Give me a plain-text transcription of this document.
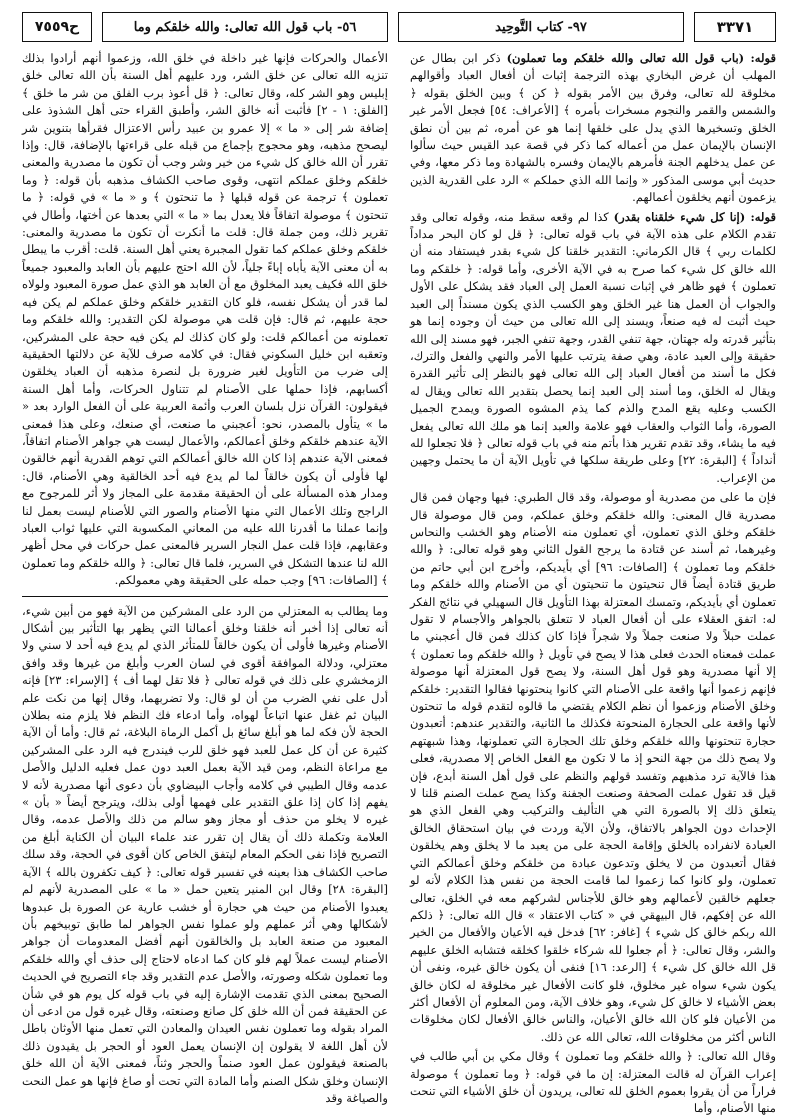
٣٣٧١
٩٧- كتاب التَّوحِيد
٥٦- باب قول الله تعالى: والله خلقكم وما
ح٧٥٥٩

قوله: (باب قول الله تعالى والله خلقكم وما تعملون) ذكر ابن بطال عن المهلب أن غرض البخاري بهذه الترجمة إثبات أن أفعال العباد وأقوالهم مخلوقة لله تعالى، وفرق بين الأمر بقوله ﴿ كن ﴾ وبين الخلق بقوله ﴿ والشمس والقمر والنجوم مسخرات بأمره ﴾ [الأعراف: ٥٤] فجعل الأمر غير الخلق وتسخيرها الذي يدل على خلقها إنما هو عن أمره، ثم بين أن نطق الإنسان بالإيمان عمل من أعماله كما ذكر في قصة عبد القيس حيث سألوا عن عمل يدخلهم الجنة فأمرهم بالإيمان وفسره بالشهادة وما ذكر معها، وفي حديث أبي موسى المذكور « وإنما الله الذي حملكم » الرد على القدرية الذين يزعمون أنهم يخلقون أعمالهم.

قوله: (إنا كل شيء خلقناه بقدر) كذا لم وقعه سقط منه، وقوله تعالى وقد تقدم الكلام على هذه الآية في باب قوله تعالى: ﴿ قل لو كان البحر مداداً لكلمات ربي ﴾ قال الكرماني: التقدير خلقنا كل شيء بقدر فيستفاد منه أن الله خالق كل شيء كما صرح به في الآية الأخرى، وأما قوله: ﴿ خلقكم وما تعملون ﴾ فهو ظاهر في إثبات نسبة العمل إلى العباد فقد يشكل على الأول والجواب أن العمل هنا غير الخلق وهو الكسب الذي يكون مسنداً إلى العبد حيث أثبت له فيه صنعاً، ويسند إلى الله تعالى من حيث أن وجوده إنما هو بتأثير قدرته وله جهتان، جهة تنفي القدر، وجهة تنفي الجبر، فهو مسند إلى الله حقيقة وإلى العبد عادة، وهي صفة يترتب عليها الأمر والنهي والفعل والترك، فكل ما أسند من أفعال العباد إلى الله تعالى فهو بالنظر إلى تأثير القدرة ويقال له الخلق، وما أسند إلى العبد إنما يحصل بتقدير الله تعالى ويقال له الكسب وعليه يقع المدح والذم كما يذم المشوه الصورة ويمدح الجميل الصورة، وأما الثواب والعقاب فهو علامة والعبد إنما هو ملك الله تعالى يفعل فيه ما يشاء، وقد تقدم تقرير هذا بأتم منه في باب قوله تعالى ﴿ فلا تجعلوا لله أنداداً ﴾ [البقرة: ٢٢] وعلى طريقة سلكها في تأويل الآية أن ما يحتمل وجهين من الإعراب.

فإن ما على من مصدرية أو موصولة، وقد قال الطبري: فيها وجهان فمن قال مصدرية قال المعنى: والله خلقكم وخلق عملكم، ومن قال موصولة قال خلقكم وخلق الذي تعملون، أي تعملون منه الأصنام وهو الخشب والنحاس وغيرهما، ثم أسند عن قتادة ما يرجح القول الثاني وهو قوله تعالى: ﴿ والله خلقكم وما تعملون ﴾ [الصافات: ٩٦] أي بأيديكم، وأخرج ابن أبي حاتم من طريق قتادة أيضاً قال تنحيتون ما تنحيتون أي من الأصنام والله خلقكم وما تعملون أي بأيديكم، وتمسك المعتزلة بهذا التأويل قال السهيلي في نتائج الفكر له: اتفق العقلاء على أن أفعال العباد لا تتعلق بالجواهر والأجسام لا تقول عملت حبلاً ولا صنعت جملاً ولا شجراً فإذا كان كذلك فمن قال أعجبني ما عملت فمعناه الحدث فعلى هذا لا يصح في تأويل ﴿ والله خلقكم وما تعملون ﴾ إلا أنها مصدرية وهو قول أهل السنة، ولا يصح قول المعتزلة أنها موصولة فإنهم زعموا أنها واقعة على الأصنام التي كانوا ينحتونها فقالوا التقدير: خلقكم وخلق الأصنام وزعموا أن نظم الكلام يقتضي ما قالوه لتقدم قوله ما تنحتون لأنها واقعة على الحجارة المنحوتة فكذلك ما الثانية، والتقدير عندهم: أتعبدون حجارة تنحتونها والله خلقكم وخلق تلك الحجارة التي تعملونها، وهذا شبهتهم ولا يصح ذلك من جهة النحو إذ ما لا تكون مع الفعل الخاص إلا مصدرية، فعلى هذا فالآية ترد مذهبهم وتفسد قولهم والنظم على قول أهل السنة أبدع، فإن قيل قد تقول عملت الصحفة وصنعت الجفنة وكذا يصح عملت الصنم قلنا لا يتعلق ذلك إلا بالصورة التي هي التأليف والتركيب وهي الفعل الذي هو الإحداث دون الجواهر بالاتفاق، ولأن الآية وردت في بيان استحقاق الخالق العبادة لانفراده بالخلق وإقامة الحجة على من يعبد ما لا يخلق وهم يخلقون فقال أتعبدون من لا يخلق وتدعون عبادة من خلقكم وخلق أعمالكم التي تعملون، ولو كانوا كما زعموا لما قامت الحجة من نفس هذا الكلام لأنه لو جعلهم خالقين لأعمالهم وهو خالق للأجناس لشركهم معه في الخلق، تعالى الله عن إفكهم، قال البيهقي في « كتاب الاعتقاد » قال الله تعالى: ﴿ ذلكم الله ربكم خالق كل شيء ﴾ [غافر: ٦٢] فدخل فيه الأعيان والأفعال من الخير والشر، وقال تعالى: ﴿ أم جعلوا لله شركاء خلقوا كخلقه فتشابه الخلق عليهم قل الله خالق كل شيء ﴾ [الرعد: ١٦] فنفى أن يكون خالق غيره، ونفى أن يكون شيء سواه غير مخلوق، فلو كانت الأفعال غير مخلوقة له لكان خالق بعض الأشياء لا خالق كل شيء، وهو خلاف الآية، ومن المعلوم أن الأفعال أكثر من الأعيان فلو كان الله خالق الأعيان، والناس خالق الأفعال لكان مخلوقات الناس أكثر من مخلوقات الله، تعالى الله عن ذلك.

وقال الله تعالى: ﴿ والله خلقكم وما تعملون ﴾ وقال مكي بن أبي طالب في إعراب القرآن له قالت المعتزلة: إن ما في قوله: ﴿ وما تعملون ﴾ موصولة فراراً من أن يقروا بعموم الخلق لله تعالى، يريدون أن خلق الأشياء التي تنحت منها الأصنام، وأما

الأعمال والحركات فإنها غير داخلة في خلق الله، وزعموا أنهم أرادوا بذلك تنزيه الله تعالى عن خلق الشر، ورد عليهم أهل السنة بأن الله تعالى خلق إبليس وهو الشر كله، وقال تعالى: ﴿ قل أعوذ برب الفلق من شر ما خلق ﴾ [الفلق: ١ - ٢] فأثبت أنه خالق الشر، وأطبق القراء حتى أهل الشذوذ على إضافة شر إلى « ما » إلا عمرو بن عبيد رأس الاعتزال فقرأها بتنوين شر ليصحح مذهبه، وهو محجوج بإجماع من قبله على قراءتها بالإضافة، قال: وإذا تقرر أن الله خالق كل شيء من خير وشر وجب أن تكون ما مصدرية والمعنى خلقكم وخلق عملكم انتهى، وقوى صاحب الكشاف مذهبه بأن قوله: ﴿ وما تعملون ﴾ ترجمة عن قوله قبلها ﴿ ما تنحتون ﴾ و « ما » في قوله: ﴿ ما تنحتون ﴾ موصولة اتفاقاً فلا يعدل بما « ما » التي بعدها عن أختها، وأطال في تقرير ذلك، ومن جملة قال: قلت ما أنكرت أن تكون ما مصدرية والمعنى: خلقكم وخلق عملكم كما تقول المجبرة يعني أهل السنة. قلت: أقرب ما يبطل به أن معنى الآية يأباه إباءً جلياً، لأن الله احتج عليهم بأن العابد والمعبود جميعاً خلق الله فكيف يعبد المخلوق مع أن العابد هو الذي عمل صورة المعبود ولولاه لما قدر أن يشكل نفسه، فلو كان التقدير خلقكم وخلق عملكم لم يكن فيه حجة عليهم، ثم قال: فإن قلت هي موصولة لكن التقدير: والله خلقكم وما تعملونه من أعمالكم قلت: ولو كان كذلك لم يكن فيه حجة على المشركين، وتعقبه ابن خليل السكوني فقال: في كلامه صرف للآية عن دلالتها الحقيقية إلى ضرب من التأويل لغير ضرورة بل لنصرة مذهبه أن العباد يخلقون أكسابهم، فإذا حملها على الأصنام لم تتناول الحركات، وأما أهل السنة فيقولون: القرآن نزل بلسان العرب وأئمة العربية على أن الفعل الوارد بعد « ما » يتأول بالمصدر، نحو: أعجبني ما صنعت، أي صنعك، وعلى هذا فمعنى الآية عندهم خلقكم وخلق أعمالكم، والأعمال ليست هي جواهر الأصنام اتفاقاً، فمعنى الآية عندهم إذا كان الله خالق أعمالكم التي توهم القدرية أنهم خالقون لها فأولى أن يكون خالقاً لما لم يدع فيه أحد الخالقية وهي الأصنام، قال: ومدار هذه المسألة على أن الحقيقة مقدمة على المجاز ولا أثر للمرجوح مع الراجح وتلك الأعمال التي منها الأصنام والصور التي للأصنام ليست بعمل لنا وإنما عملنا ما أقدرنا الله عليه من المعاني المكسوبة التي عليها ثواب العباد وعقابهم، فإذا قلت عمل النجار السرير فالمعنى عمل حركات في محل أظهر الله لنا عندها التشكل في السرير، فلما قال تعالى: ﴿ والله خلقكم وما تعملون ﴾ [الصافات: ٩٦] وجب حمله على الحقيقة وهي معمولكم.

وما يطالب به المعتزلي من الرد على المشركين من الآية فهو من أبين شيء، أنه تعالى إذا أخبر أنه خلقنا وخلق أعمالنا التي يظهر بها التأثير بين أشكال الأصنام وغيرها فأولى أن يكون خالقاً للمتأثر الذي لم يدع فيه أحد لا سني ولا معتزلي، ودلالة الموافقة أقوى في لسان العرب وأبلغ من غيرها وقد وافق الزمخشري على ذلك في قوله تعالى ﴿ فلا تقل لهما أف ﴾ [الإسراء: ٢٣] فإنه أدل على نفي الضرب من أن لو قال: ولا تضربهما، وقال إنها من نكت علم البيان ثم غفل عنها اتباعاً لهواه، وأما ادعاء فك النظم فلا يلزم منه بطلان الحجة لأن فكه لما هو أبلغ سائغ بل أكمل الرماة البلاغة، ثم قال: وأما أن الآية كثيرة عن أن كل عمل للعبد فهو خلق للرب فيندرج فيه الرد على المشركين مع مراعاة النظم، ومن قيد الآية بعمل العبد دون عمل فعليه الدليل والأصل عدمه وقال الطيبي في كلامه وأجاب البيضاوي بأن دعوى أنها مصدرية لأنه لا يفهم إذا كان إذا علق التقدير على فهمها أولى بذلك، ويترجح أيضاً « بأن » غيره لا يخلو من حذف أو مجاز وهو سالم من ذلك والأصل عدمه، وقال العلامة وتكملة ذلك أن يقال إن تقرر عند علماء البيان أن الكناية أبلغ من التصريح فإذا نفى الحكم المعام ليتفق الخاص كان أقوى في الحجة، وقد سلك صاحب الكشاف هذا بعينه في تفسير قوله تعالى: ﴿ كيف تكفرون بالله ﴾ الآية [البقرة: ٢٨] وقال ابن المنير يتعين حمل « ما » على المصدرية لأنهم لم يعبدوا الأصنام من حيث هي حجارة أو خشب عارية عن الصورة بل عبدوها لأشكالها وهي أثر عملهم ولو عملوا نفس الجواهر لما طابق توبيخهم بأن المعبود من صنعة العابد بل والخالقون أنهم أفضل المعدومات أن جواهر الأصنام ليست عملاً لهم فلو كان كما ادعاه لاحتاج إلى حذف أي والله خلقكم وما تعملون شكله وصورته، والأصل عدم التقدير وقد جاء التصريح في الحديث الصحيح بمعنى الذي تقدمت الإشارة إليه في باب قوله كل يوم هو في شأن عن الحقيقة فمن أن الله خلق كل صانع وصنعته، وقال غيره قول من ادعى أن المراد بقوله وما تعملون نفس العيدان والمعادن التي تعمل منها الأوثان باطل لأن أهل اللغة لا يقولون إن الإنسان يعمل العود أو الحجر بل يقيدون ذلك بالصنعة فيقولون عمل العود صنماً والحجر وثناً، فمعنى الآية أن الله خلق الإنسان وخلق شكل الصنم وأما المادة التي تحت أو صاغ فإنها هو عمل النحت والصياغة وقد
